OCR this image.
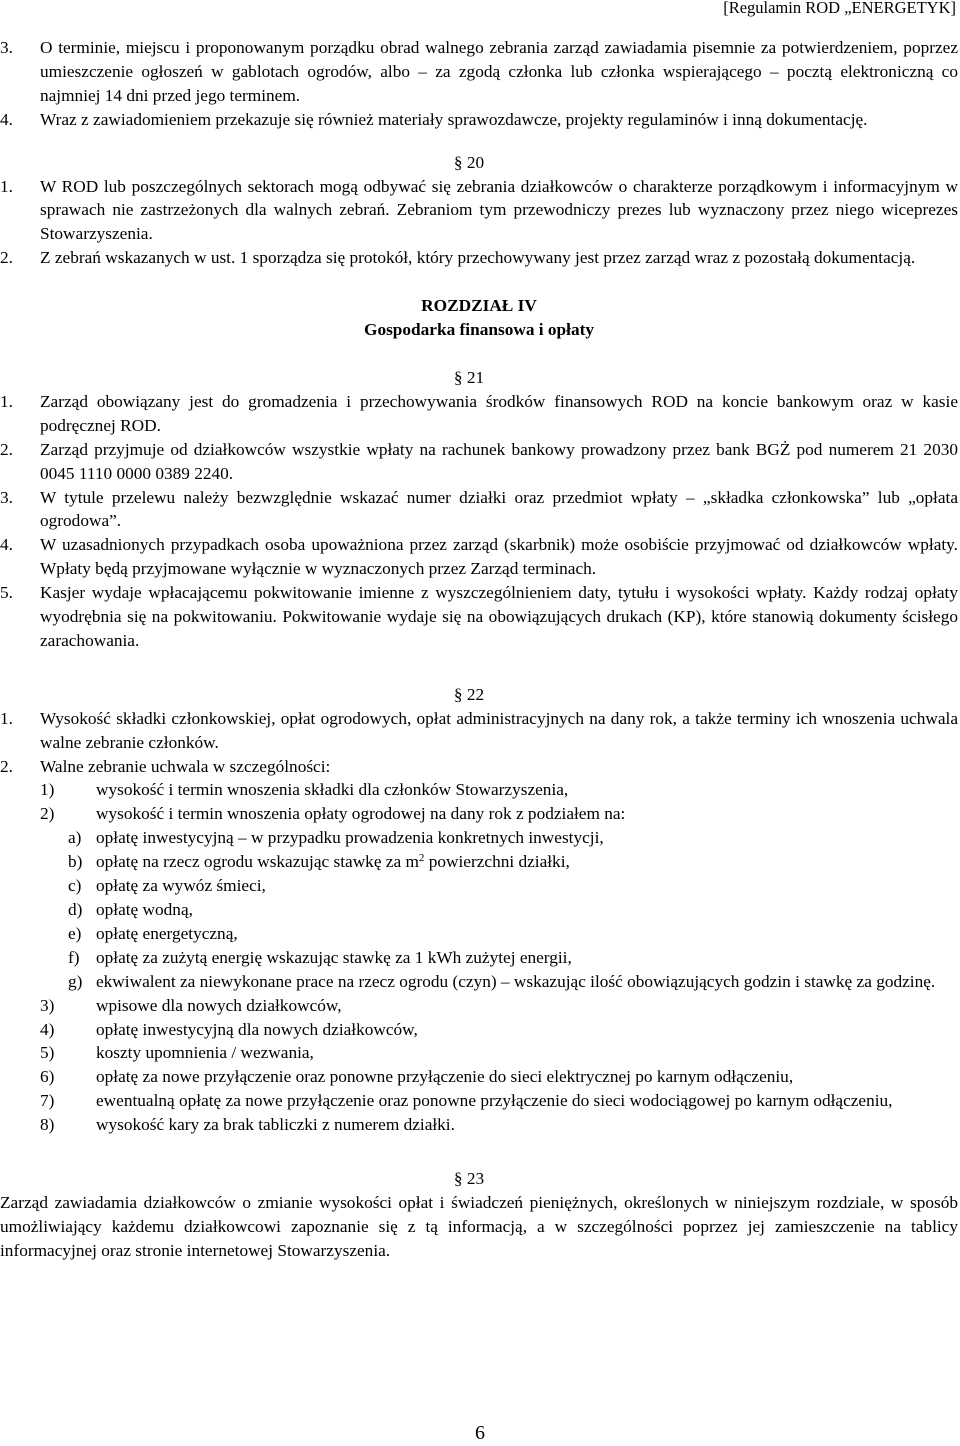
[Regulamin ROD „ENERGETYK]
3. O terminie, miejscu i proponowanym porządku obrad walnego zebrania zarząd zawiadamia pisemnie za potwierdzeniem, poprzez umieszczenie ogłoszeń w gablotach ogrodów, albo – za zgodą członka lub członka wspierającego – pocztą elektroniczną co najmniej 14 dni przed jego terminem.
4. Wraz z zawiadomieniem przekazuje się również materiały sprawozdawcze, projekty regulaminów i inną dokumentację.
§ 20
1. W ROD lub poszczególnych sektorach mogą odbywać się zebrania działkowców o charakterze porządkowym i informacyjnym w sprawach nie zastrzeżonych dla walnych zebrań. Zebraniom tym przewodniczy prezes lub wyznaczony przez niego wiceprezes Stowarzyszenia.
2. Z zebrań wskazanych w ust. 1 sporządza się protokół, który przechowywany jest przez zarząd wraz z pozostałą dokumentacją.
ROZDZIAŁ IV
Gospodarka finansowa i opłaty
§ 21
1. Zarząd obowiązany jest do gromadzenia i przechowywania środków finansowych ROD na koncie bankowym oraz w kasie podręcznej ROD.
2. Zarząd przyjmuje od działkowców wszystkie wpłaty na rachunek bankowy prowadzony przez bank BGŻ pod numerem 21 2030 0045 1110 0000 0389 2240.
3. W tytule przelewu należy bezwzględnie wskazać numer działki oraz przedmiot wpłaty – „składka członkowska” lub „opłata ogrodowa”.
4. W uzasadnionych przypadkach osoba upoważniona przez zarząd (skarbnik) może osobiście przyjmować od działkowców wpłaty. Wpłaty będą przyjmowane wyłącznie w wyznaczonych przez Zarząd terminach.
5. Kasjer wydaje wpłacającemu pokwitowanie imienne z wyszczególnieniem daty, tytułu i wysokości wpłaty. Każdy rodzaj opłaty wyodrębnia się na pokwitowaniu. Pokwitowanie wydaje się na obowiązujących drukach (KP), które stanowią dokumenty ścisłego zarachowania.
§ 22
1. Wysokość składki członkowskiej, opłat ogrodowych, opłat administracyjnych na dany rok, a także terminy ich wnoszenia uchwala walne zebranie członków.
2. Walne zebranie uchwala w szczególności:
1) wysokość i termin wnoszenia składki dla członków Stowarzyszenia,
2) wysokość i termin wnoszenia opłaty ogrodowej na dany rok z podziałem na:
a) opłatę inwestycyjną – w przypadku prowadzenia konkretnych inwestycji,
b) opłatę na rzecz ogrodu wskazując stawkę za $m^2$ powierzchni działki,
c) opłatę za wywóz śmieci,
d) opłatę wodną,
e) opłatę energetyczną,
f) opłatę za zużytą energię wskazując stawkę za 1 kWh zużytej energii,
g) ekwiwalent za niewykonane prace na rzecz ogrodu (czyn) – wskazując ilość obowiązujących godzin i stawkę za godzinę.
3) wpisowe dla nowych działkowców,
4) opłatę inwestycyjną dla nowych działkowców,
5) koszty upomnienia / wezwania,
6) opłatę za nowe przyłączenie oraz ponowne przyłączenie do sieci elektrycznej po karnym odłączeniu,
7) ewentualną opłatę za nowe przyłączenie oraz ponowne przyłączenie do sieci wodociągowej po karnym odłączeniu,
8) wysokość kary za brak tabliczki z numerem działki.
§ 23
Zarząd zawiadamia działkowców o zmianie wysokości opłat i świadczeń pieniężnych, określonych w niniejszym rozdziale, w sposób umożliwiający każdemu działkowcowi zapoznanie się z tą informacją, a w szczególności poprzez jej zamieszczenie na tablicy informacyjnej oraz stronie internetowej Stowarzyszenia.
6
